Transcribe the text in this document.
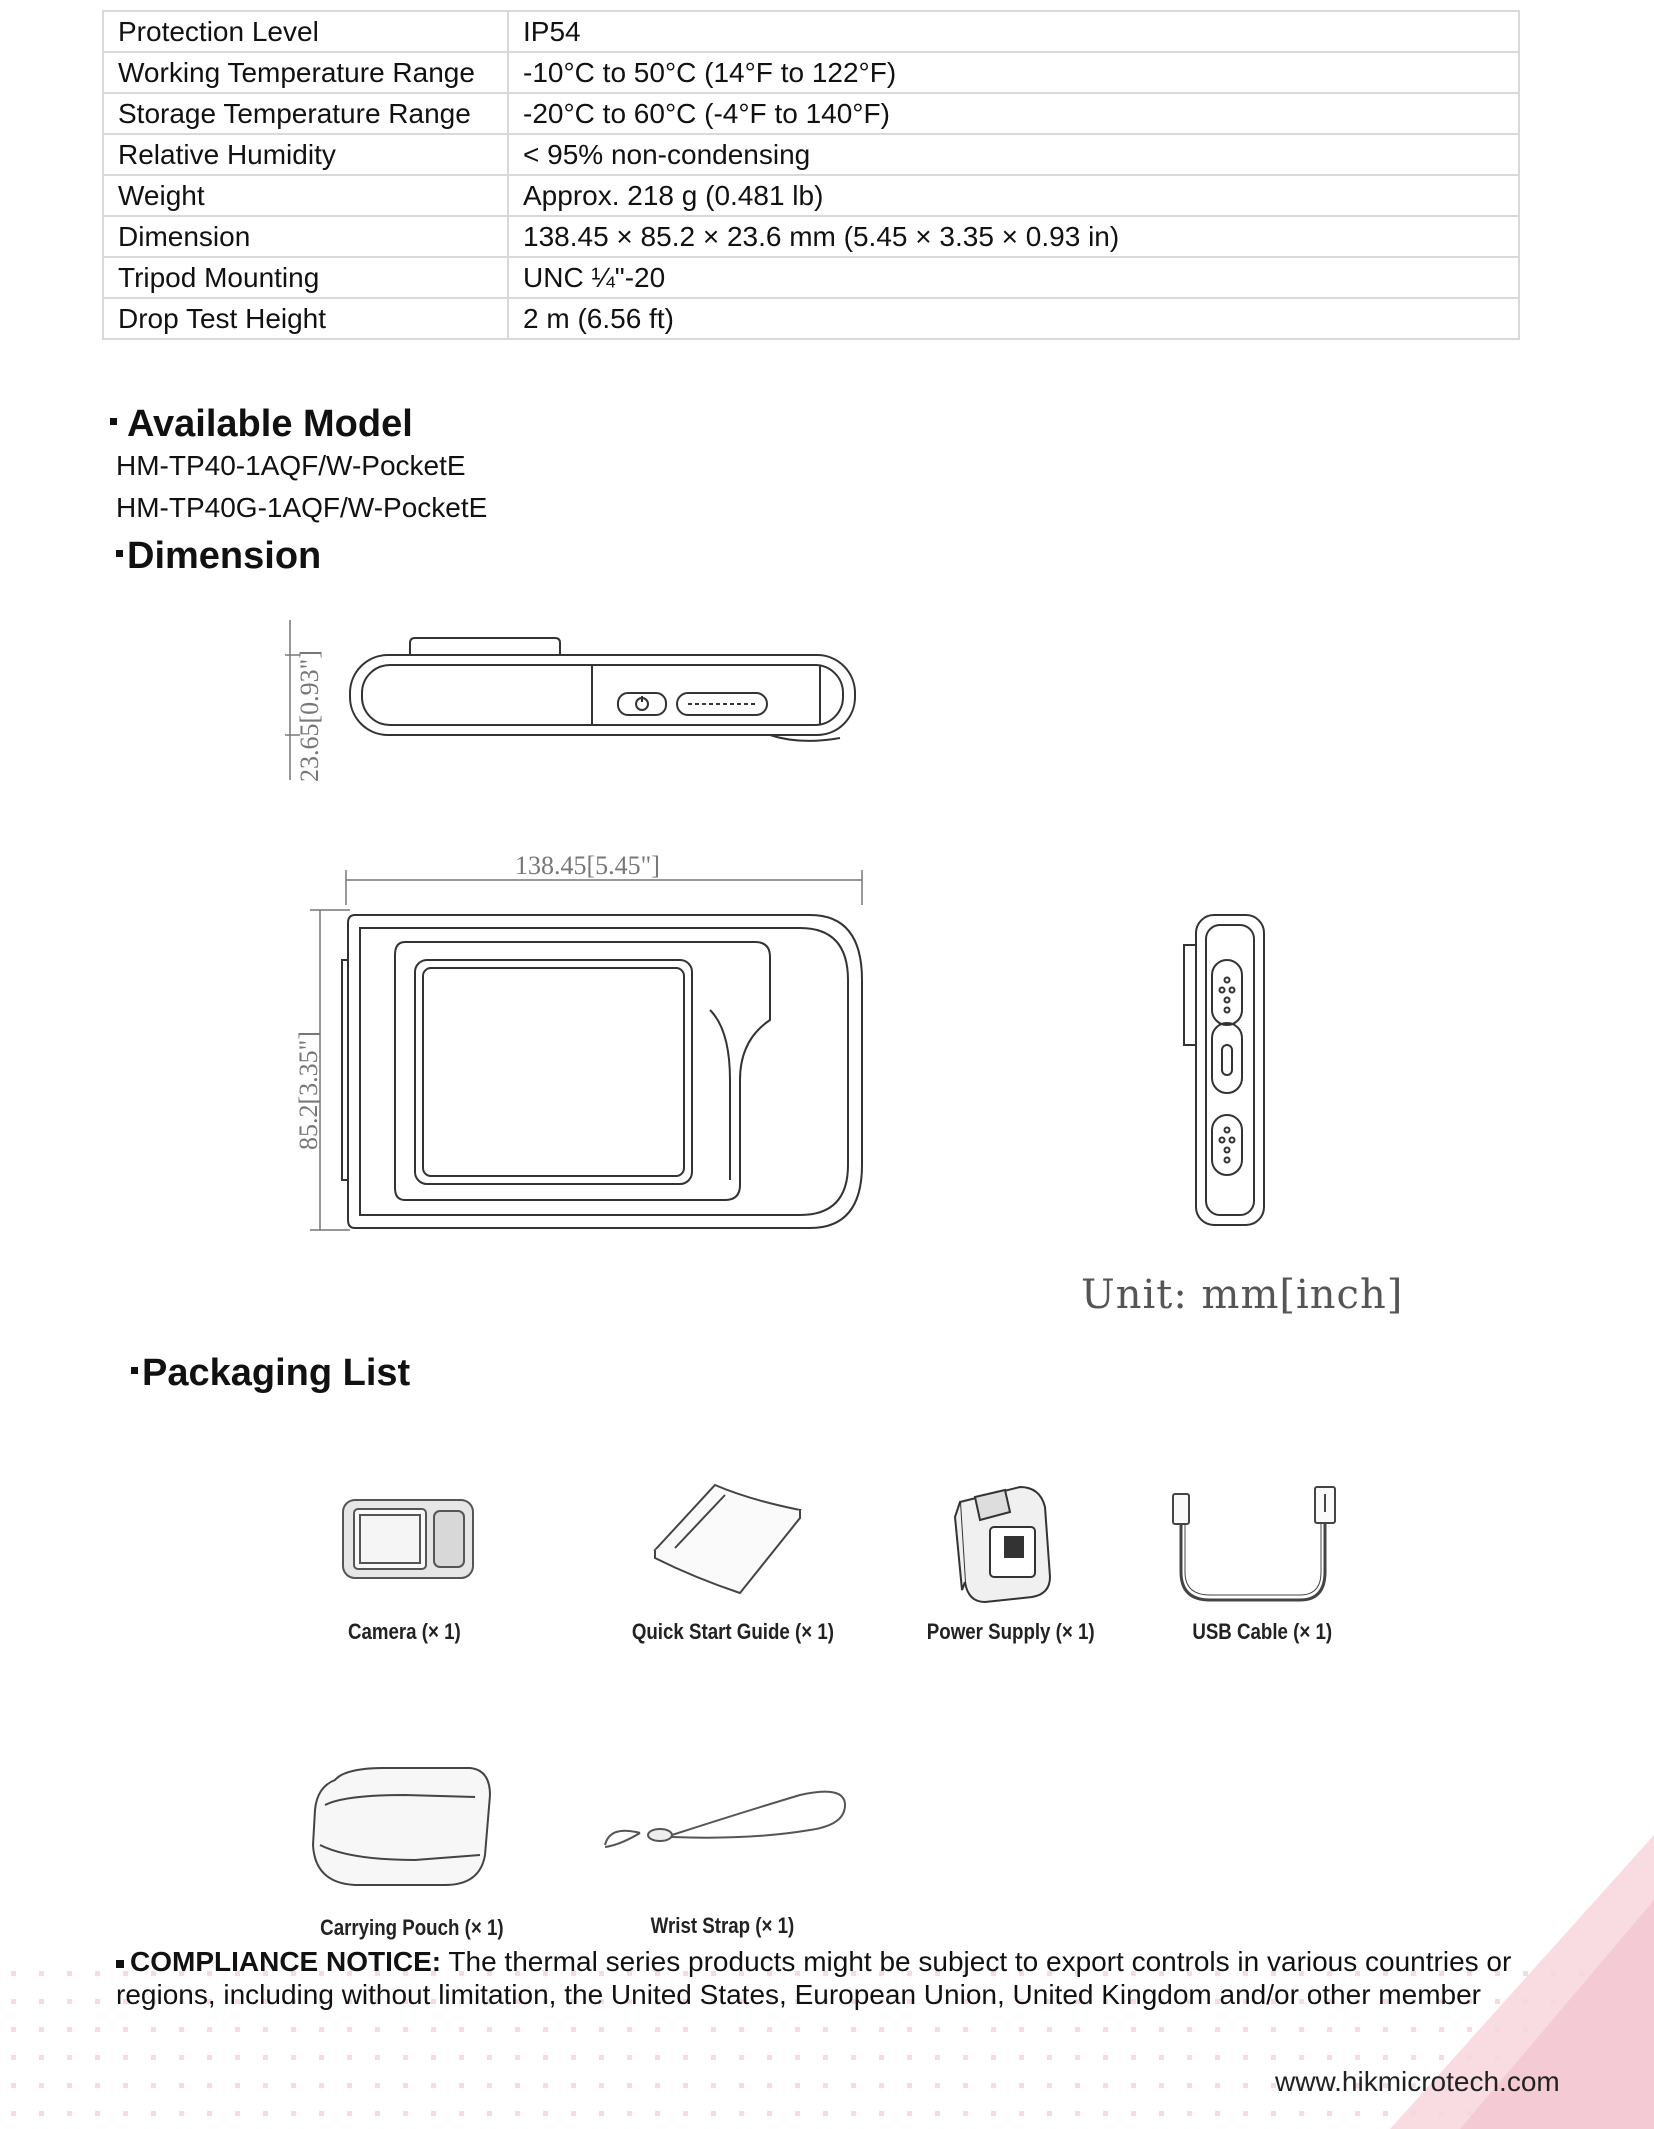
Protection Level	IP54
Working Temperature Range	-10°C to 50°C (14°F to 122°F)
Storage Temperature Range	-20°C to 60°C (-4°F to 140°F)
Relative Humidity	< 95% non-condensing
Weight	Approx. 218 g (0.481 lb)
Dimension	138.45 × 85.2 × 23.6 mm (5.45 × 3.35 × 0.93 in)
Tripod Mounting	UNC ¼"-20
Drop Test Height	2 m (6.56 ft)
Available Model
HM-TP40-1AQF/W-PocketE
HM-TP40G-1AQF/W-PocketE
Dimension
23.65[0.93"]
138.45[5.45"]
85.2[3.35"]
Unit: mm[inch]
Packaging List
Camera (× 1)	Quick Start Guide (× 1)	Power Supply (× 1)	USB Cable (× 1)
Carrying Pouch (× 1)	Wrist Strap (× 1)
COMPLIANCE NOTICE: The thermal series products might be subject to export controls in various countries or regions, including without limitation, the United States, European Union, United Kingdom and/or other member
www.hikmicrotech.com
